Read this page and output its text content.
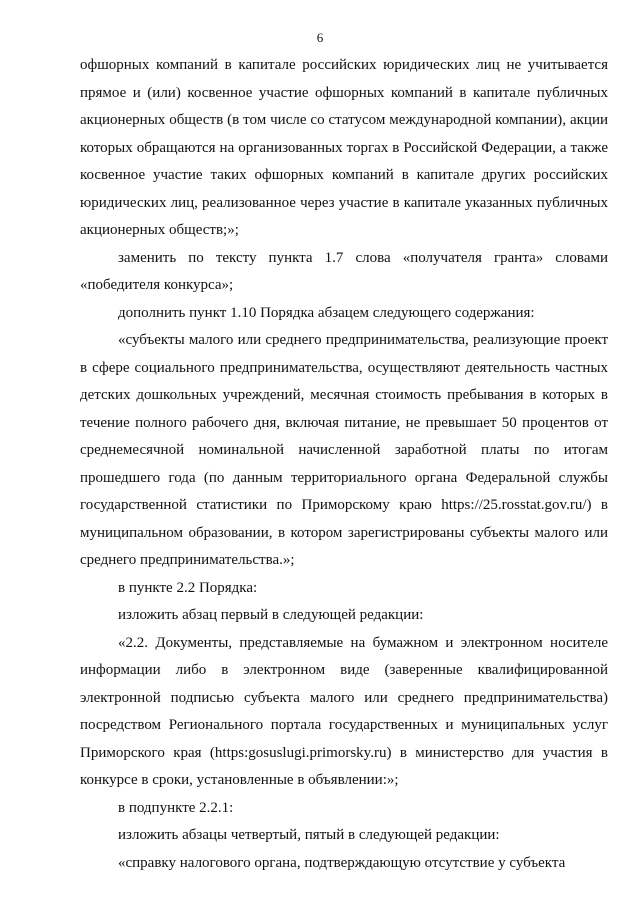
6

офшорных компаний в капитале российских юридических лиц не учитывается прямое и (или) косвенное участие офшорных компаний в капитале публичных акционерных обществ (в том числе со статусом международной компании), акции которых обращаются на организованных торгах в Российской Федерации, а также косвенное участие таких офшорных компаний в капитале других российских юридических лиц, реализованное через участие в капитале указанных публичных акционерных обществ;»;

заменить по тексту пункта 1.7 слова «получателя гранта» словами «победителя конкурса»;

дополнить пункт 1.10 Порядка абзацем следующего содержания:

«субъекты малого или среднего предпринимательства, реализующие проект в сфере социального предпринимательства, осуществляют деятельность частных детских дошкольных учреждений, месячная стоимость пребывания в которых в течение полного рабочего дня, включая питание, не превышает 50 процентов от среднемесячной номинальной начисленной заработной платы по итогам прошедшего года (по данным территориального органа Федеральной службы государственной статистики по Приморскому краю https://25.rosstat.gov.ru/) в муниципальном образовании, в котором зарегистрированы субъекты малого или среднего предпринимательства.»;

в пункте 2.2 Порядка:

изложить абзац первый в следующей редакции:

«2.2. Документы, представляемые на бумажном и электронном носителе информации либо в электронном виде (заверенные квалифицированной электронной подписью субъекта малого или среднего предпринимательства) посредством Регионального портала государственных и муниципальных услуг Приморского края (https:gosuslugi.primorsky.ru) в министерство для участия в конкурсе в сроки, установленные в объявлении:»;

в подпункте 2.2.1:

изложить абзацы четвертый, пятый в следующей редакции:

«справку налогового органа, подтверждающую отсутствие у субъекта
